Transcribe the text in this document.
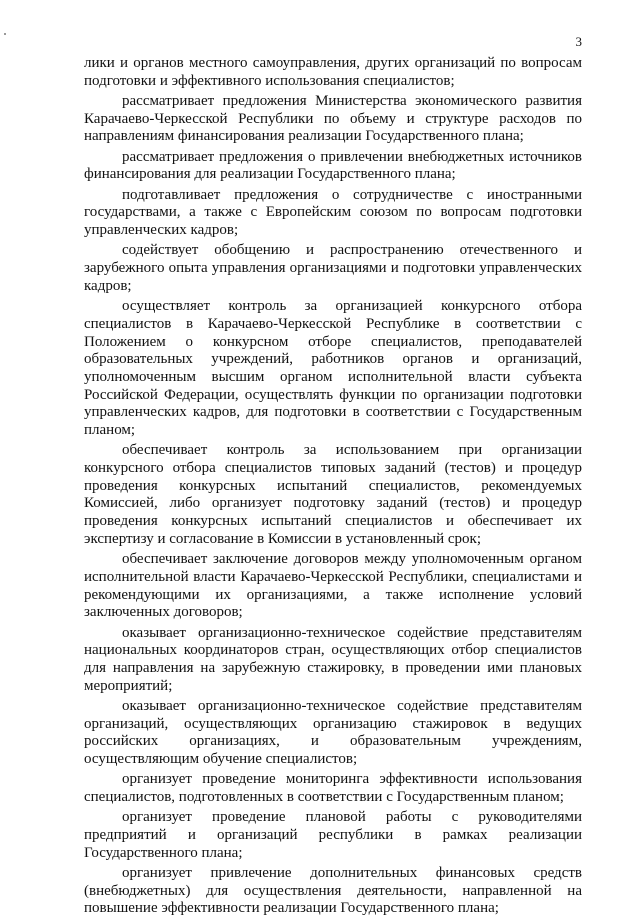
3

лики и органов местного самоуправления, других организаций по вопросам подготовки и эффективного использования специалистов;

рассматривает предложения Министерства экономического развития Карачаево-Черкесской Республики по объему и структуре расходов по направлениям финансирования реализации Государственного плана;

рассматривает предложения о привлечении внебюджетных источников финансирования для реализации Государственного плана;

подготавливает предложения о сотрудничестве с иностранными государствами, а также с Европейским союзом по вопросам подготовки управленческих кадров;

содействует обобщению и распространению отечественного и зарубежного опыта управления организациями и подготовки управленческих кадров;

осуществляет контроль за организацией конкурсного отбора специалистов в Карачаево-Черкесской Республике в соответствии с Положением о конкурсном отборе специалистов, преподавателей образовательных учреждений, работников органов и организаций, уполномоченным высшим органом исполнительной власти субъекта Российской Федерации, осуществлять функции по организации подготовки управленческих кадров, для подготовки в соответствии с Государственным планом;

обеспечивает контроль за использованием при организации конкурсного отбора специалистов типовых заданий (тестов) и процедур проведения конкурсных испытаний специалистов, рекомендуемых Комиссией, либо организует подготовку заданий (тестов) и процедур проведения конкурсных испытаний специалистов и обеспечивает их экспертизу и согласование в Комиссии в установленный срок;

обеспечивает заключение договоров между уполномоченным органом исполнительной власти Карачаево-Черкесской Республики, специалистами и рекомендующими их организациями, а также исполнение условий заключенных договоров;

оказывает организационно-техническое содействие представителям национальных координаторов стран, осуществляющих отбор специалистов для направления на зарубежную стажировку, в проведении ими плановых мероприятий;

оказывает организационно-техническое содействие представителям организаций, осуществляющих организацию стажировок в ведущих российских организациях, и образовательным учреждениям, осуществляющим обучение специалистов;

организует проведение мониторинга эффективности использования специалистов, подготовленных в соответствии с Государственным планом;

организует проведение плановой работы с руководителями предприятий и организаций республики в рамках реализации Государственного плана;

организует привлечение дополнительных финансовых средств (внебюджетных) для осуществления деятельности, направленной на повышение эффективности реализации Государственного плана;
